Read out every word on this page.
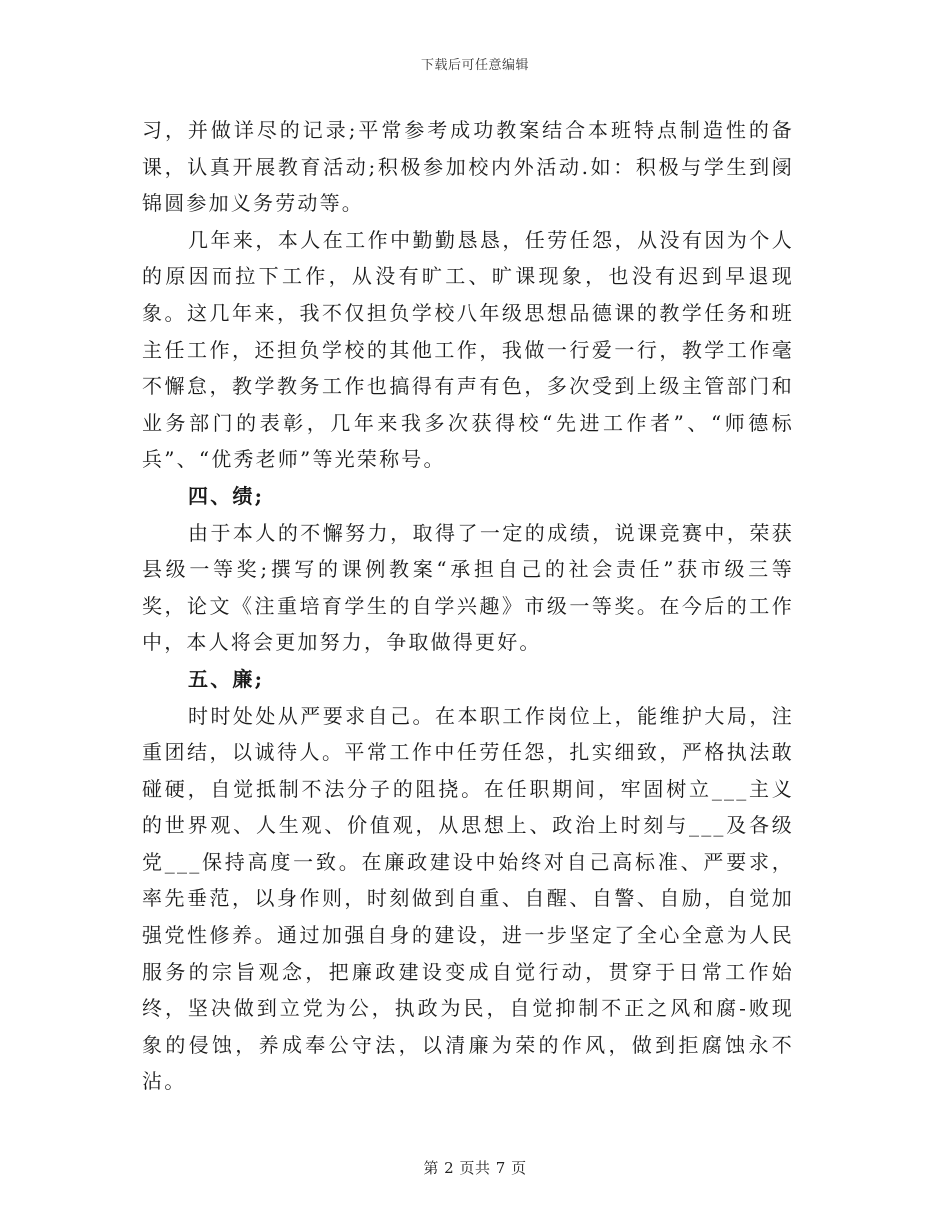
下载后可任意编辑

习，并做详尽的记录;平常参考成功教案结合本班特点制造性的备课，认真开展教育活动;积极参加校内外活动.如：积极与学生到阌锦圆参加义务劳动等。

几年来，本人在工作中勤勤恳恳，任劳任怨，从没有因为个人的原因而拉下工作，从没有旷工、旷课现象，也没有迟到早退现象。这几年来，我不仅担负学校八年级思想品德课的教学任务和班主任工作，还担负学校的其他工作，我做一行爱一行，教学工作毫不懈怠，教学教务工作也搞得有声有色，多次受到上级主管部门和业务部门的表彰，几年来我多次获得校“先进工作者”、“师德标兵”、“优秀老师”等光荣称号。

四、绩;

由于本人的不懈努力，取得了一定的成绩，说课竞赛中，荣获县级一等奖;撰写的课例教案“承担自己的社会责任”获市级三等奖，论文《注重培育学生的自学兴趣》市级一等奖。在今后的工作中，本人将会更加努力，争取做得更好。

五、廉;

时时处处从严要求自己。在本职工作岗位上，能维护大局，注重团结，以诚待人。平常工作中任劳任怨，扎实细致，严格执法敢碰硬，自觉抵制不法分子的阻挠。在任职期间，牢固树立___主义的世界观、人生观、价值观，从思想上、政治上时刻与___及各级党___保持高度一致。在廉政建设中始终对自己高标准、严要求，率先垂范，以身作则，时刻做到自重、自醒、自警、自励，自觉加强党性修养。通过加强自身的建设，进一步坚定了全心全意为人民服务的宗旨观念，把廉政建设变成自觉行动，贯穿于日常工作始终，坚决做到立党为公，执政为民，自觉抑制不正之风和腐-败现象的侵蚀，养成奉公守法，以清廉为荣的作风，做到拒腐蚀永不沾。

第 2 页共 7 页
